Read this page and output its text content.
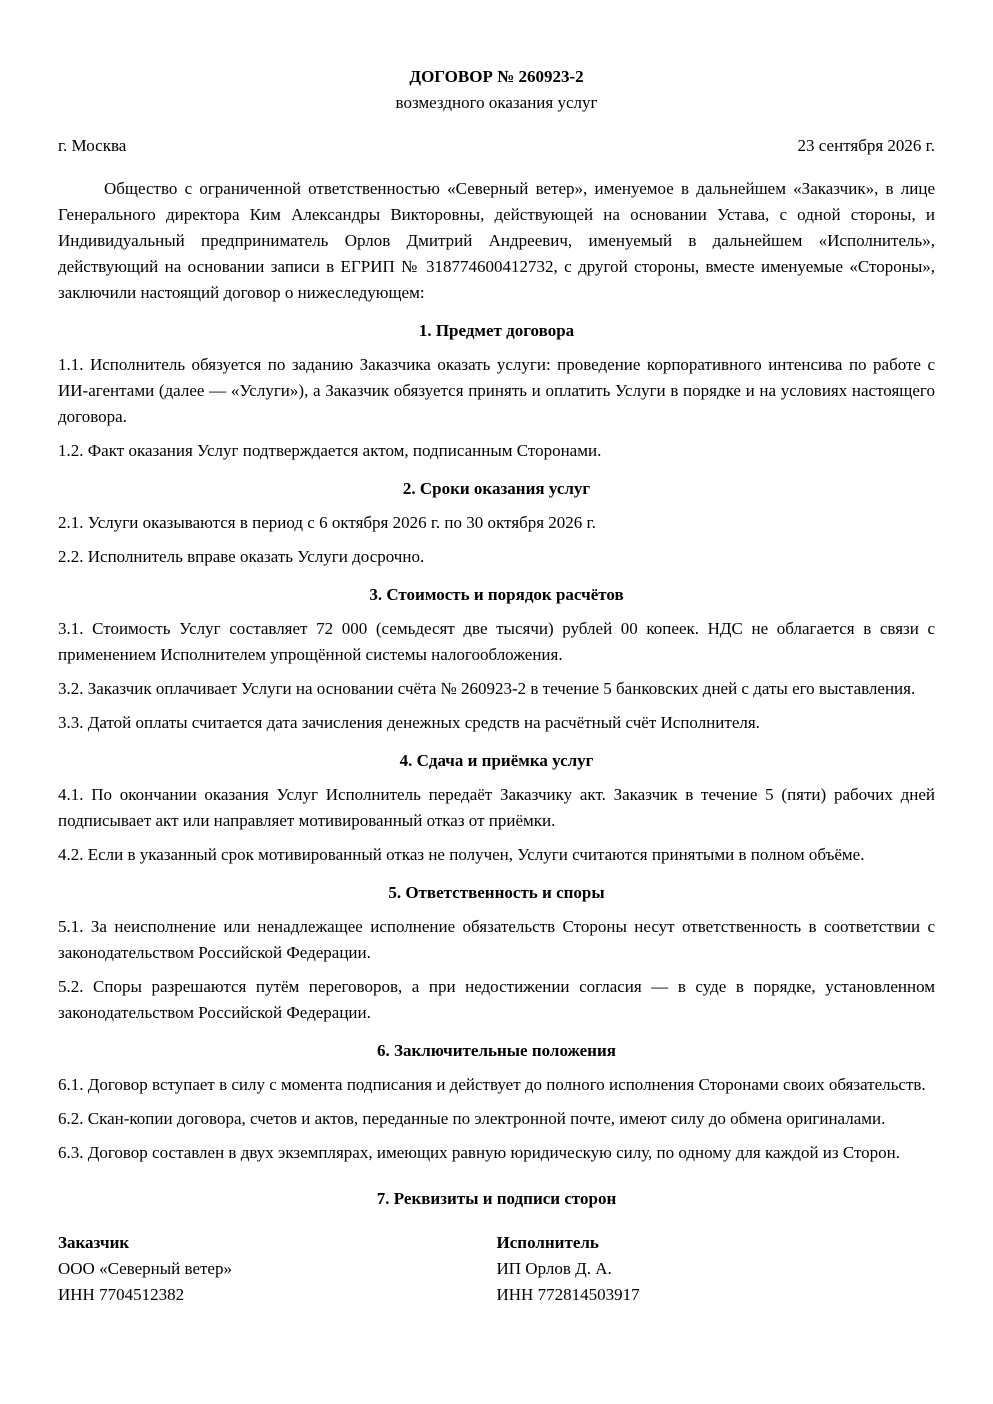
ДОГОВОР № 260923-2
возмездного оказания услуг
г. Москва	23 сентября 2026 г.

Общество с ограниченной ответственностью «Северный ветер», именуемое в дальнейшем «Заказчик», в лице Генерального директора Ким Александры Викторовны, действующей на основании Устава, с одной стороны, и Индивидуальный предприниматель Орлов Дмитрий Андреевич, именуемый в дальнейшем «Исполнитель», действующий на основании записи в ЕГРИП № 318774600412732, с другой стороны, вместе именуемые «Стороны», заключили настоящий договор о нижеследующем:

1. Предмет договора

1.1. Исполнитель обязуется по заданию Заказчика оказать услуги: проведение корпоративного интенсива по работе с ИИ-агентами (далее — «Услуги»), а Заказчик обязуется принять и оплатить Услуги в порядке и на условиях настоящего договора.

1.2. Факт оказания Услуг подтверждается актом, подписанным Сторонами.

2. Сроки оказания услуг

2.1. Услуги оказываются в период с 6 октября 2026 г. по 30 октября 2026 г.

2.2. Исполнитель вправе оказать Услуги досрочно.

3. Стоимость и порядок расчётов

3.1. Стоимость Услуг составляет 72 000 (семьдесят две тысячи) рублей 00 копеек. НДС не облагается в связи с применением Исполнителем упрощённой системы налогообложения.

3.2. Заказчик оплачивает Услуги на основании счёта № 260923-2 в течение 5 банковских дней с даты его выставления.

3.3. Датой оплаты считается дата зачисления денежных средств на расчётный счёт Исполнителя.

4. Сдача и приёмка услуг

4.1. По окончании оказания Услуг Исполнитель передаёт Заказчику акт. Заказчик в течение 5 (пяти) рабочих дней подписывает акт или направляет мотивированный отказ от приёмки.

4.2. Если в указанный срок мотивированный отказ не получен, Услуги считаются принятыми в полном объёме.

5. Ответственность и споры

5.1. За неисполнение или ненадлежащее исполнение обязательств Стороны несут ответственность в соответствии с законодательством Российской Федерации.

5.2. Споры разрешаются путём переговоров, а при недостижении согласия — в суде в порядке, установленном законодательством Российской Федерации.

6. Заключительные положения

6.1. Договор вступает в силу с момента подписания и действует до полного исполнения Сторонами своих обязательств.

6.2. Скан-копии договора, счетов и актов, переданные по электронной почте, имеют силу до обмена оригиналами.

6.3. Договор составлен в двух экземплярах, имеющих равную юридическую силу, по одному для каждой из Сторон.

7. Реквизиты и подписи сторон
Заказчик
ООО «Северный ветер»
ИНН 7704512382
Исполнитель
ИП Орлов Д. А.
ИНН 772814503917
